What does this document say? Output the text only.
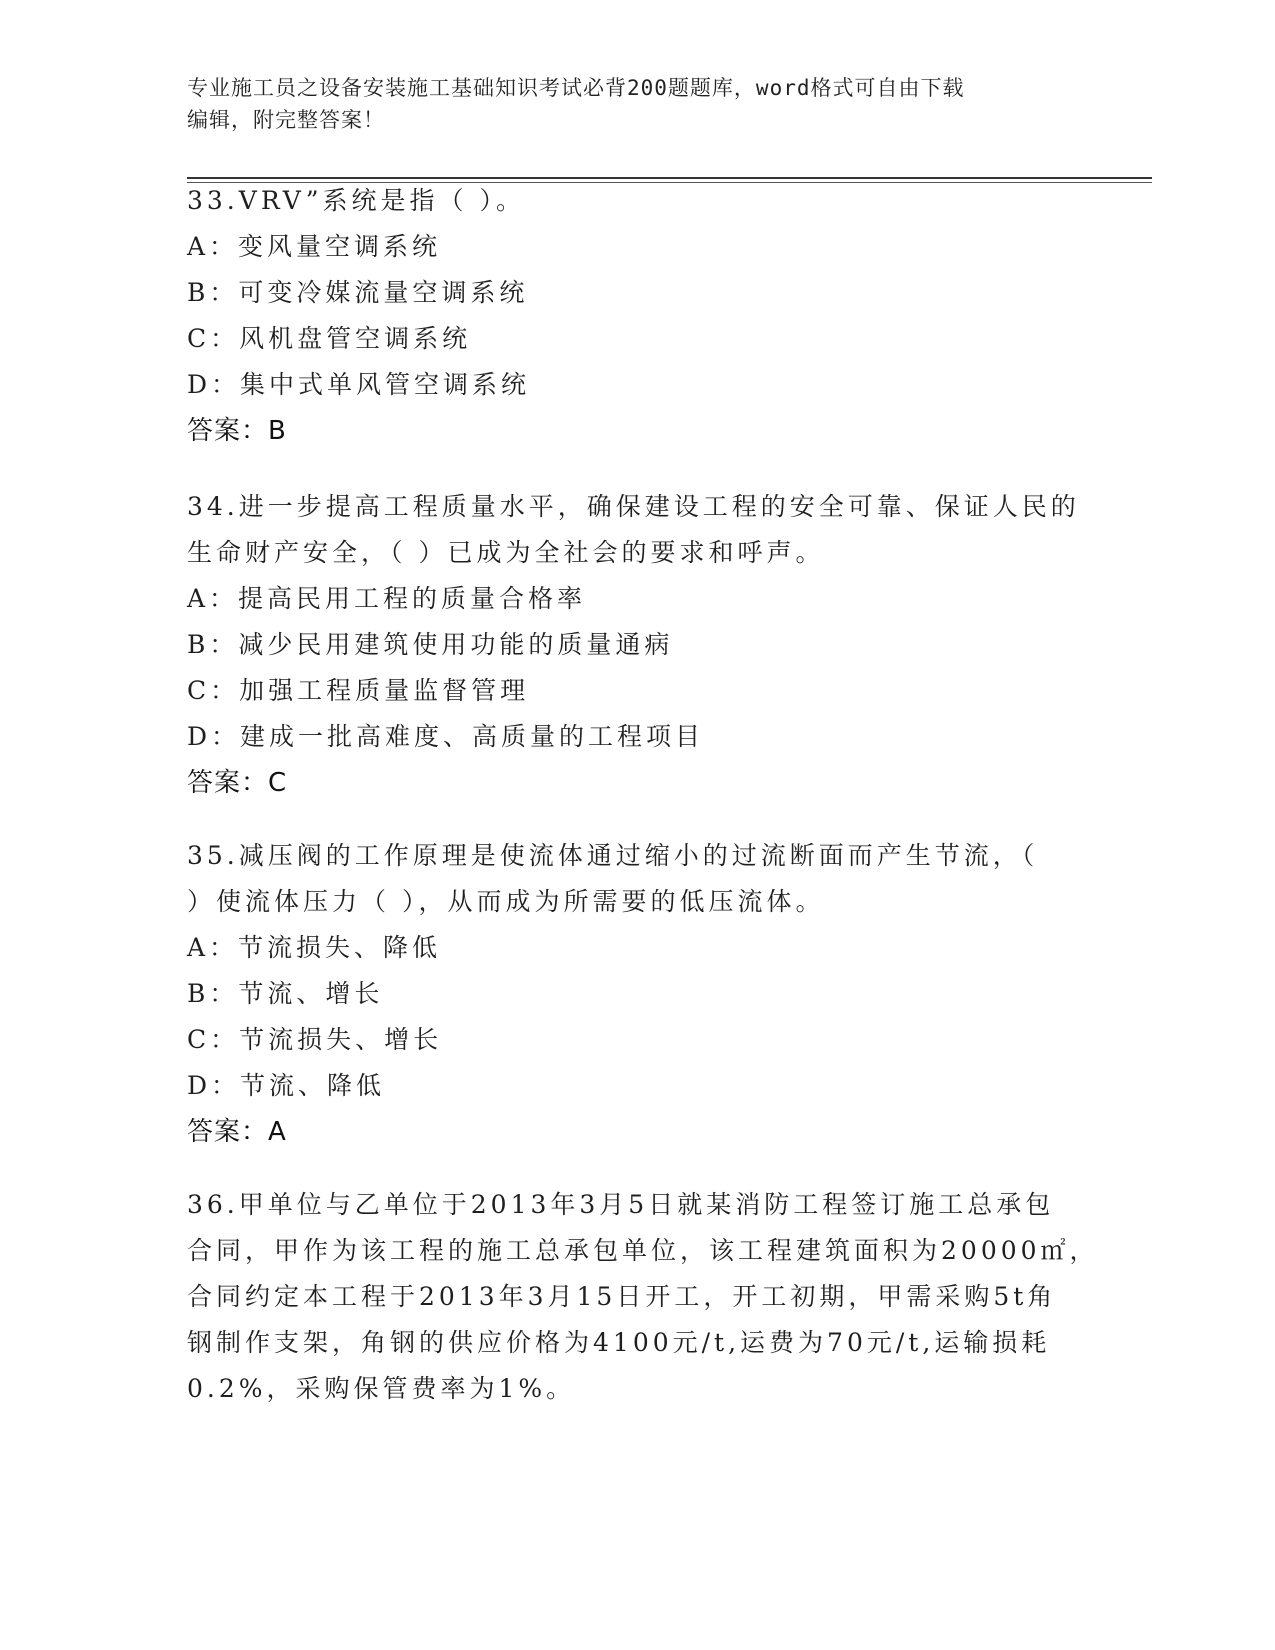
专业施工员之设备安装施工基础知识考试必背200题题库，word格式可自由下载
编辑，附完整答案！
33.VRV”系统是指（ ）。
A：变风量空调系统
B：可变冷媒流量空调系统
C：风机盘管空调系统
D：集中式单风管空调系统
答案：B
34.进一步提高工程质量水平，确保建设工程的安全可靠、保证人民的
生命财产安全，（ ）已成为全社会的要求和呼声。
A：提高民用工程的质量合格率
B：减少民用建筑使用功能的质量通病
C：加强工程质量监督管理
D：建成一批高难度、高质量的工程项目
答案：C
35.减压阀的工作原理是使流体通过缩小的过流断面而产生节流，（
）使流体压力（ ），从而成为所需要的低压流体。
A：节流损失、降低
B：节流、增长
C：节流损失、增长
D：节流、降低
答案：A
36.甲单位与乙单位于2013年3月5日就某消防工程签订施工总承包
合同，甲作为该工程的施工总承包单位，该工程建筑面积为20000㎡，
合同约定本工程于2013年3月15日开工，开工初期，甲需采购5t角
钢制作支架，角钢的供应价格为4100元/t,运费为70元/t,运输损耗
0.2%，采购保管费率为1%。
